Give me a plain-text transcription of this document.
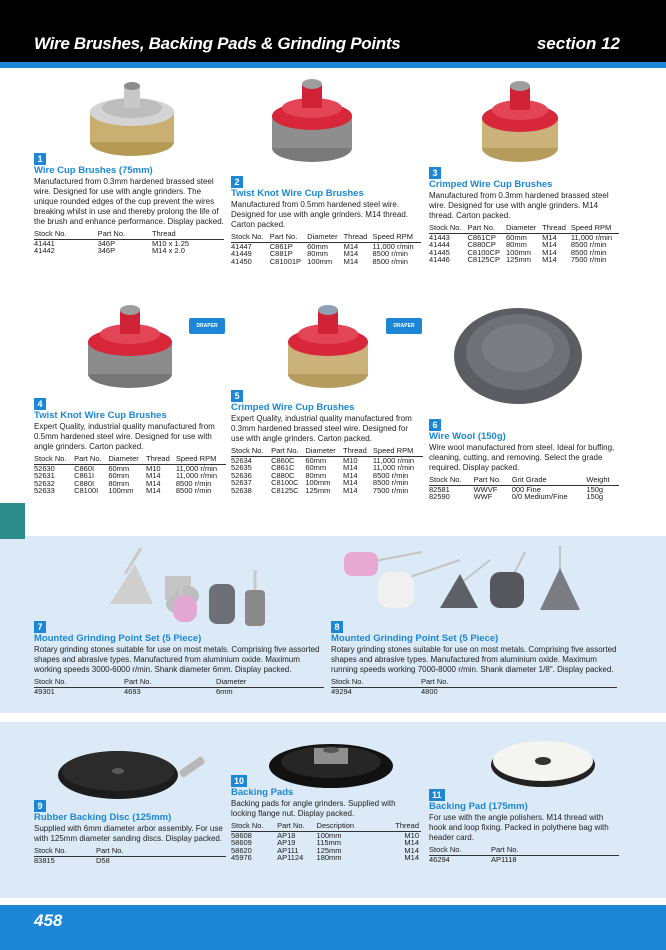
Wire Brushes, Backing Pads & Grinding Points	section 12
DRAPER EXPERT
DRAPER EXPERT
1
Wire Cup Brushes (75mm)
Manufactured from 0.3mm hardened brassed steel wire. Designed for use with angle grinders. The unique rounded edges of the cup prevent the wires breaking whilst in use and thereby prolong the life of the brush and enhance performance. Display packed.
Stock No.	Part No.	Thread
41441	346P	M10 x 1.25
41442	346P	M14 x 2.0
2
Twist Knot Wire Cup Brushes
Manufactured from 0.5mm hardened steel wire. Designed for use with angle grinders. M14 thread. Carton packed.
Stock No.	Part No.	Diameter	Thread	Speed RPM
41447	C861P	60mm	M14	11,000 r/min
41449	C881P	80mm	M14	8500 r/min
41450	C81001P	100mm	M14	8500 r/min
3
Crimped Wire Cup Brushes
Manufactured from 0.3mm hardened brassed steel wire. Designed for use with angle grinders. M14 thread. Carton packed.
Stock No.	Part No.	Diameter	Thread	Speed RPM
41443	C861CP	60mm	M14	11,000 r/min
41444	C880CP	80mm	M14	8500 r/min
41445	C8100CP	100mm	M14	8500 r/min
41446	C8125CP	125mm	M14	7500 r/min
4
Twist Knot Wire Cup Brushes
Expert Quality, industrial quality manufactured from 0.5mm hardened steel wire. Designed for use with angle grinders. Carton packed.
Stock No.	Part No.	Diameter	Thread	Speed RPM
52630	C860I	60mm	M10	11,000 r/min
52631	C861I	60mm	M14	11,000 r/min
52632	C880I	80mm	M14	8500 r/min
52633	C8100I	100mm	M14	8500 r/min
5
Crimped Wire Cup Brushes
Expert Quality, industrial quality manufactured from 0.3mm hardened brassed steel wire. Designed for use with angle grinders. Carton packed.
Stock No.	Part No.	Diameter	Thread	Speed RPM
52634	C860C	60mm	M10	11,000 r/min
52635	C861C	60mm	M14	11,000 r/min
52636	C880C	80mm	M14	8500 r/min
52637	C8100C	100mm	M14	8500 r/min
52638	C8125C	125mm	M14	7500 r/min
6
Wire Wool (150g)
Wire wool manufactured from steel. Ideal for buffing, cleaning, cutting, and removing. Select the grade required. Display packed.
Stock No.	Part No.	Grit Grade	Weight
82581	WWVF	000 Fine	150g
82590	WWF	0/0 Medium/Fine	150g
7
Mounted Grinding Point Set (5 Piece)
Rotary grinding stones suitable for use on most metals. Comprising five assorted shapes and abrasive types. Manufactured from aluminium oxide. Maximum working speeds 3000-6000 r/min. Shank diameter 6mm. Display packed.
Stock No.	Part No.	Diameter
49301	4693	6mm
8
Mounted Grinding Point Set (5 Piece)
Rotary grinding stones suitable for use on most metals. Comprising five assorted shapes and abrasive types. Manufactured from aluminium oxide. Maximum running speeds working 7000-8000 r/min. Shank diameter 1/8". Display packed.
Stock No.	Part No.
49294	4800
9
Rubber Backing Disc (125mm)
Supplied with 6mm diameter arbor assembly. For use with 125mm diameter sanding discs. Display packed.
Stock No.	Part No.
83815	D58
10
Backing Pads
Backing pads for angle grinders. Supplied with locking flange nut. Display packed.
Stock No.	Part No.	Description	Thread
58608	AP18	100mm	M10
58609	AP19	115mm	M14
58620	AP111	125mm	M14
45976	AP1124	180mm	M14
11
Backing Pad (175mm)
For use with the angle polishers. M14 thread with hook and loop fixing. Packed in polythene bag with header card.
Stock No.	Part No.
46294	AP1118
458
